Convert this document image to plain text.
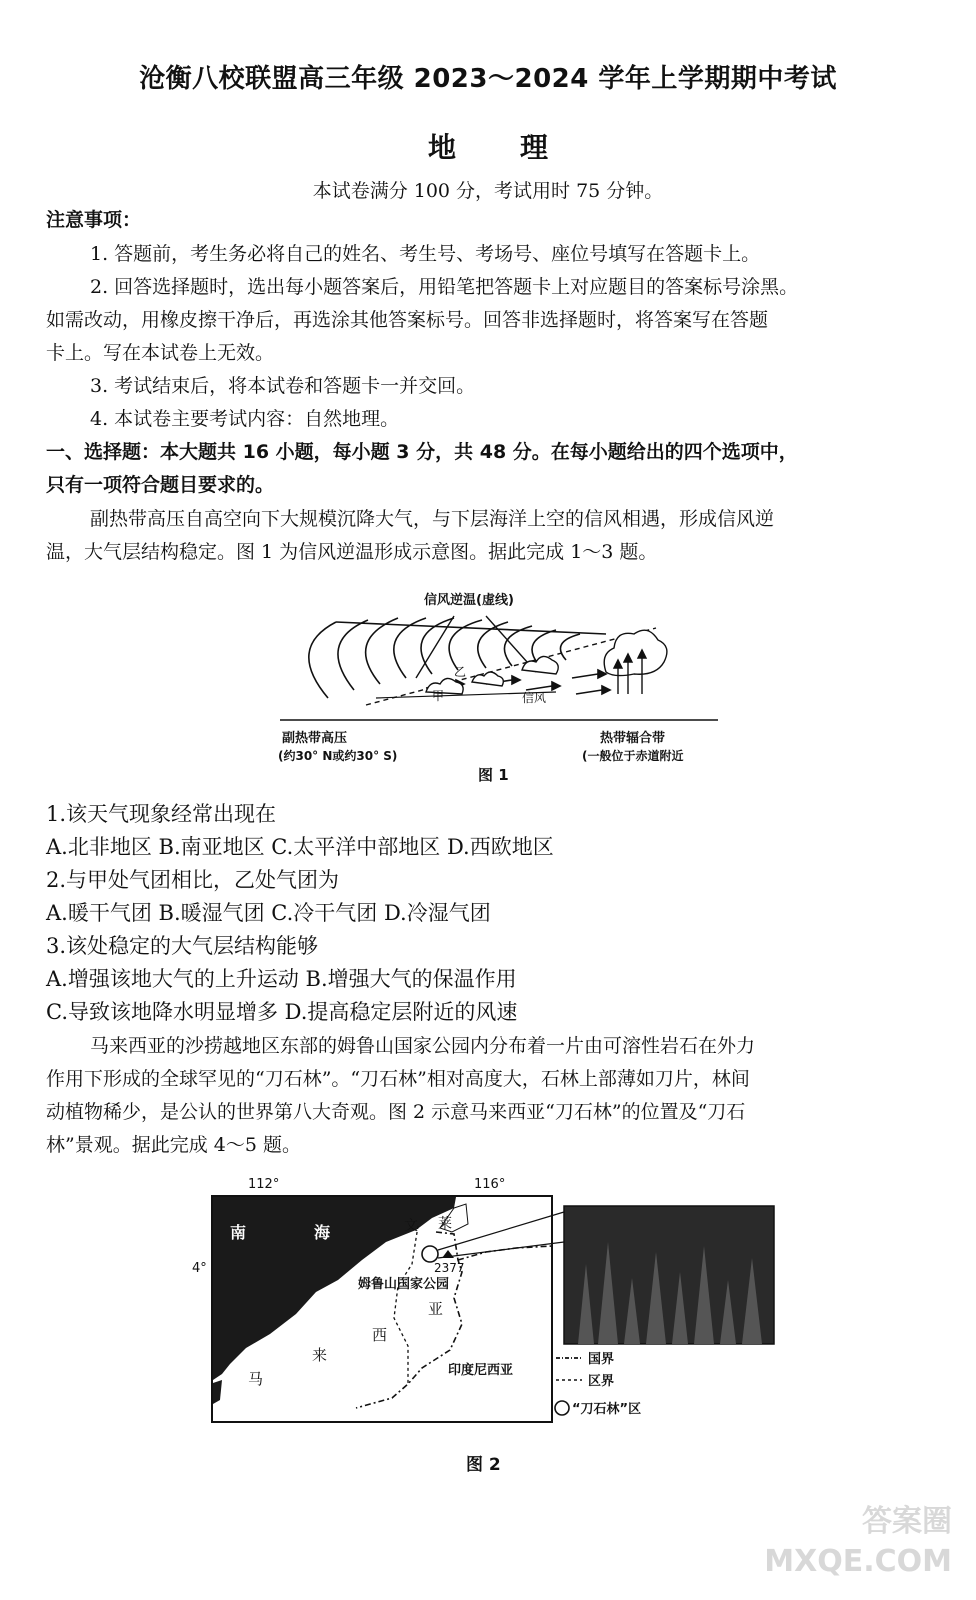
沧衡八校联盟高三年级 2023～2024 学年上学期期中考试
地理
本试卷满分 100 分，考试用时 75 分钟。
注意事项：
1. 答题前，考生务必将自己的姓名、考生号、考场号、座位号填写在答题卡上。
2. 回答选择题时，选出每小题答案后，用铅笔把答题卡上对应题目的答案标号涂黑。
如需改动，用橡皮擦干净后，再选涂其他答案标号。回答非选择题时，将答案写在答题
卡上。写在本试卷上无效。
3. 考试结束后，将本试卷和答题卡一并交回。
4. 本试卷主要考试内容：自然地理。
一、选择题：本大题共 16 小题，每小题 3 分，共 48 分。在每小题给出的四个选项中，
只有一项符合题目要求的。
副热带高压自高空向下大规模沉降大气，与下层海洋上空的信风相遇，形成信风逆
温，大气层结构稳定。图 1 为信风逆温形成示意图。据此完成 1～3 题。
信风逆温(虚线)
乙
甲	信风
副热带高压
(约30° N或约30° S)
热带辐合带
(一般位于赤道附近
图 1
1.该天气现象经常出现在
A.北非地区 B.南亚地区 C.太平洋中部地区 D.西欧地区
2.与甲处气团相比，乙处气团为
A.暖干气团 B.暖湿气团 C.冷干气团 D.冷湿气团
3.该处稳定的大气层结构能够
A.增强该地大气的上升运动 B.增强大气的保温作用
C.导致该地降水明显增多 D.提高稳定层附近的风速
马来西亚的沙捞越地区东部的姆鲁山国家公园内分布着一片由可溶性岩石在外力
作用下形成的全球罕见的“刀石林”。“刀石林”相对高度大，石林上部薄如刀片，林间
动植物稀少，是公认的世界第八大奇观。图 2 示意马来西亚“刀石林”的位置及“刀石
林”景观。据此完成 4～5 题。
112°	116°
4°
南	海	文 莱
2377
姆鲁山国家公园
亚
西
来
马	印度尼西亚
国界
区界
“刀石林”区
图 2
答案圈
MXQE.COM
